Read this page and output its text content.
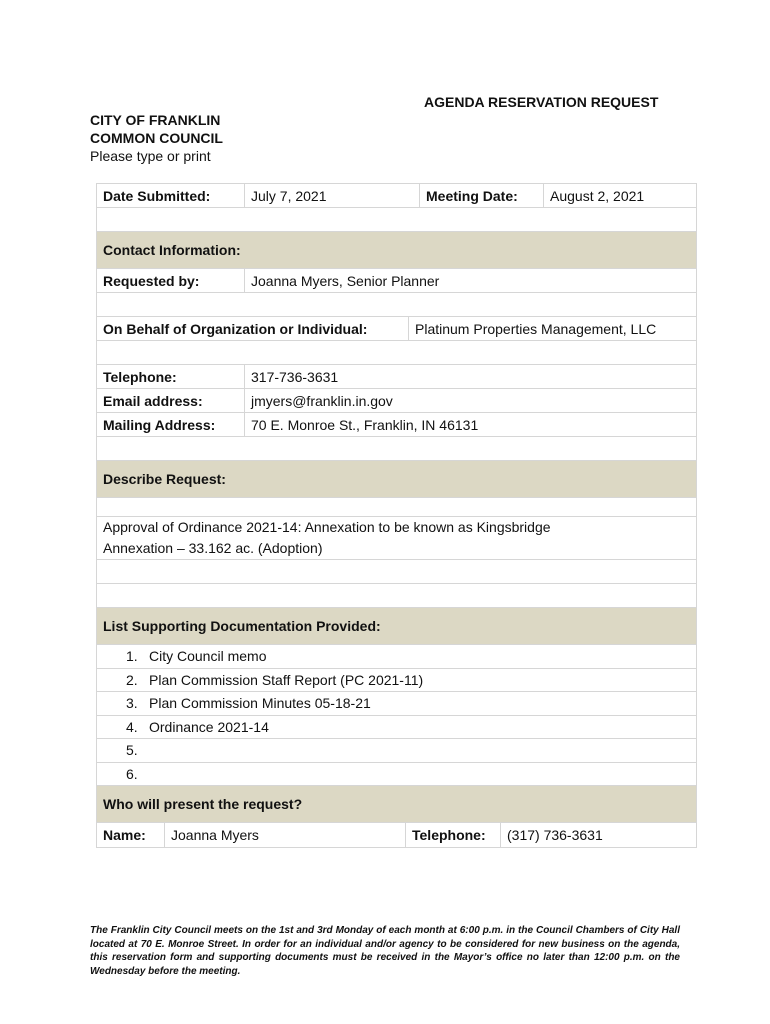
AGENDA RESERVATION REQUEST
CITY OF FRANKLIN
COMMON COUNCIL
Please type or print
Date Submitted:	July 7, 2021	Meeting Date:	August 2, 2021
Contact Information:
Requested by:	Joanna Myers, Senior Planner
On Behalf of Organization or Individual:	Platinum Properties Management, LLC
Telephone:	317-736-3631
Email address:	jmyers@franklin.in.gov
Mailing Address:	70 E. Monroe St., Franklin, IN 46131
Describe Request:
Approval of Ordinance 2021-14: Annexation to be known as Kingsbridge
Annexation – 33.162 ac. (Adoption)
List Supporting Documentation Provided:
1. City Council memo
2. Plan Commission Staff Report (PC 2021-11)
3. Plan Commission Minutes 05-18-21
4. Ordinance 2021-14
5.
6.
Who will present the request?
Name:	Joanna Myers	Telephone:	(317) 736-3631
The Franklin City Council meets on the 1st and 3rd Monday of each month at 6:00 p.m. in the Council Chambers of City Hall located at 70 E. Monroe Street. In order for an individual and/or agency to be considered for new business on the agenda, this reservation form and supporting documents must be received in the Mayor’s office no later than 12:00 p.m. on the Wednesday before the meeting.
